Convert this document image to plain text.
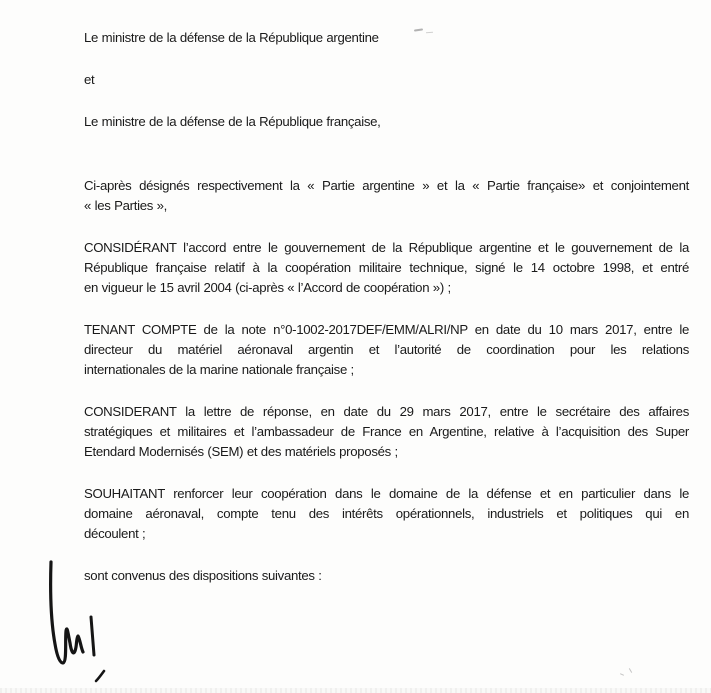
Le ministre de la défense de la République argentine
et
Le ministre de la défense de la République française,
Ci-après désignés respectivement la « Partie argentine » et la « Partie française» et conjointement
« les Parties »,
CONSIDÉRANT l’accord entre le gouvernement de la République argentine et le gouvernement de la
République française relatif à la coopération militaire technique, signé le 14 octobre 1998, et entré
en vigueur le 15 avril 2004 (ci-après « l’Accord de coopération ») ;
TENANT COMPTE de la note n°0-1002-2017DEF/EMM/ALRI/NP en date du 10 mars 2017, entre le
directeur du matériel aéronaval argentin et l’autorité de coordination pour les relations
internationales de la marine nationale française ;
CONSIDERANT la lettre de réponse, en date du 29 mars 2017, entre le secrétaire des affaires
stratégiques et militaires et l’ambassadeur de France en Argentine, relative à l’acquisition des Super
Etendard Modernisés (SEM) et des matériels proposés ;
SOUHAITANT renforcer leur coopération dans le domaine de la défense et en particulier dans le
domaine aéronaval, compte tenu des intérêts opérationnels, industriels et politiques qui en
découlent ;
sont convenus des dispositions suivantes :
